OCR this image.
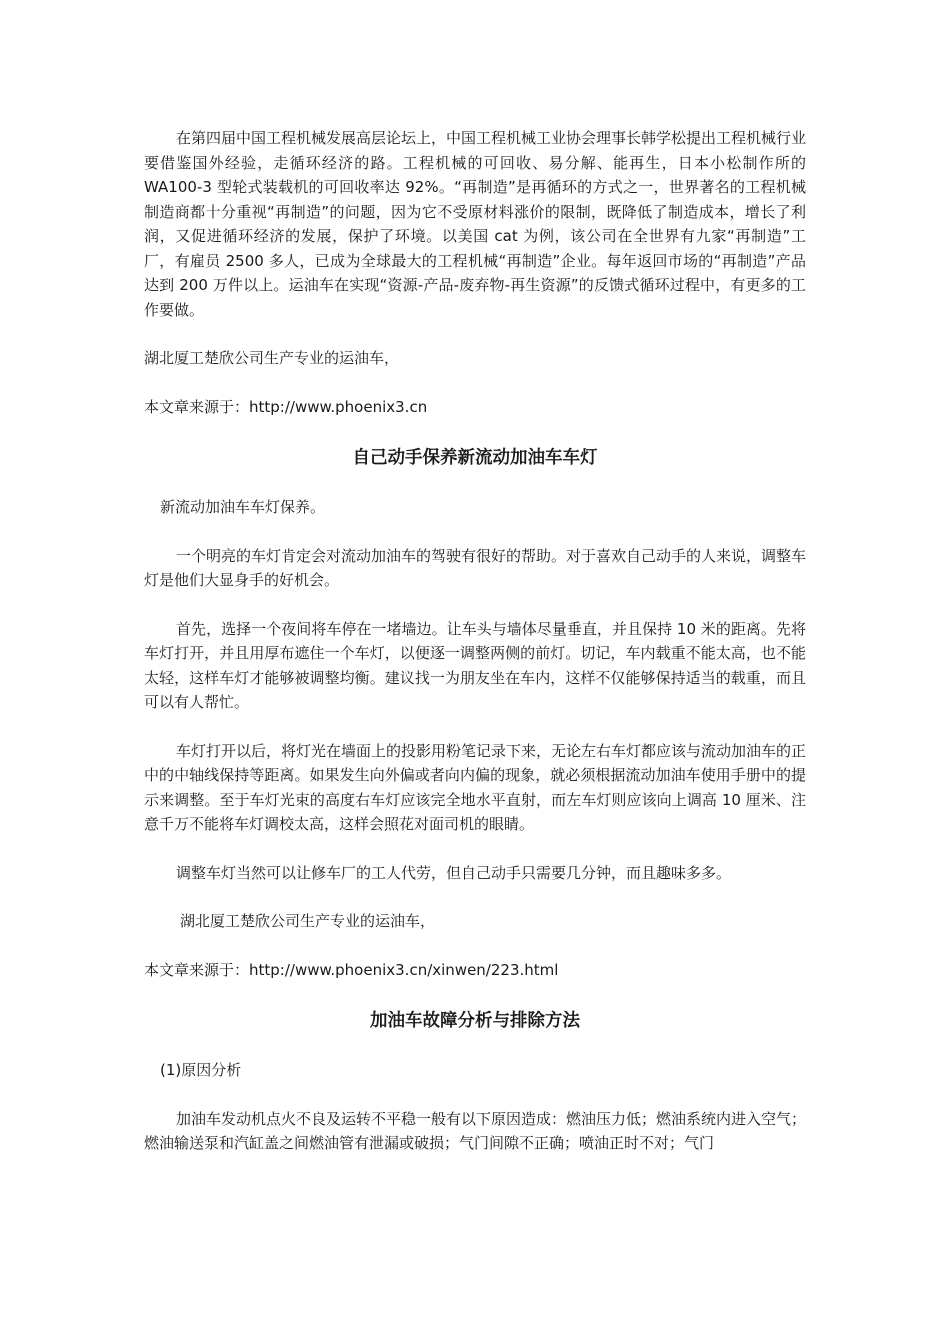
在第四届中国工程机械发展高层论坛上，中国工程机械工业协会理事长韩学松提出工程机械行业要借鉴国外经验，走循环经济的路。工程机械的可回收、易分解、能再生，日本小松制作所的 WA100-3 型轮式装载机的可回收率达 92%。“再制造”是再循环的方式之一，世界著名的工程机械制造商都十分重视“再制造”的问题，因为它不受原材料涨价的限制，既降低了制造成本，增长了利润，又促进循环经济的发展，保护了环境。以美国 cat 为例，该公司在全世界有九家“再制造”工厂，有雇员 2500 多人，已成为全球最大的工程机械“再制造”企业。每年返回市场的“再制造”产品达到 200 万件以上。运油车在实现“资源-产品-废弃物-再生资源”的反馈式循环过程中，有更多的工作要做。

湖北厦工楚欣公司生产专业的运油车，

本文章来源于：http://www.phoenix3.cn

自己动手保养新流动加油车车灯

新流动加油车车灯保养。

一个明亮的车灯肯定会对流动加油车的驾驶有很好的帮助。对于喜欢自己动手的人来说，调整车灯是他们大显身手的好机会。

首先，选择一个夜间将车停在一堵墙边。让车头与墙体尽量垂直，并且保持 10 米的距离。先将车灯打开，并且用厚布遮住一个车灯，以便逐一调整两侧的前灯。切记，车内载重不能太高，也不能太轻，这样车灯才能够被调整均衡。建议找一为朋友坐在车内，这样不仅能够保持适当的载重，而且可以有人帮忙。

车灯打开以后，将灯光在墙面上的投影用粉笔记录下来，无论左右车灯都应该与流动加油车的正中的中轴线保持等距离。如果发生向外偏或者向内偏的现象，就必须根据流动加油车使用手册中的提示来调整。至于车灯光束的高度右车灯应该完全地水平直射，而左车灯则应该向上调高 10 厘米、注意千万不能将车灯调校太高，这样会照花对面司机的眼睛。

调整车灯当然可以让修车厂的工人代劳，但自己动手只需要几分钟，而且趣味多多。

湖北厦工楚欣公司生产专业的运油车，

本文章来源于：http://www.phoenix3.cn/xinwen/223.html

加油车故障分析与排除方法

(1)原因分析

加油车发动机点火不良及运转不平稳一般有以下原因造成：燃油压力低；燃油系统内进入空气；燃油输送泵和汽缸盖之间燃油管有泄漏或破损；气门间隙不正确；喷油正时不对；气门
